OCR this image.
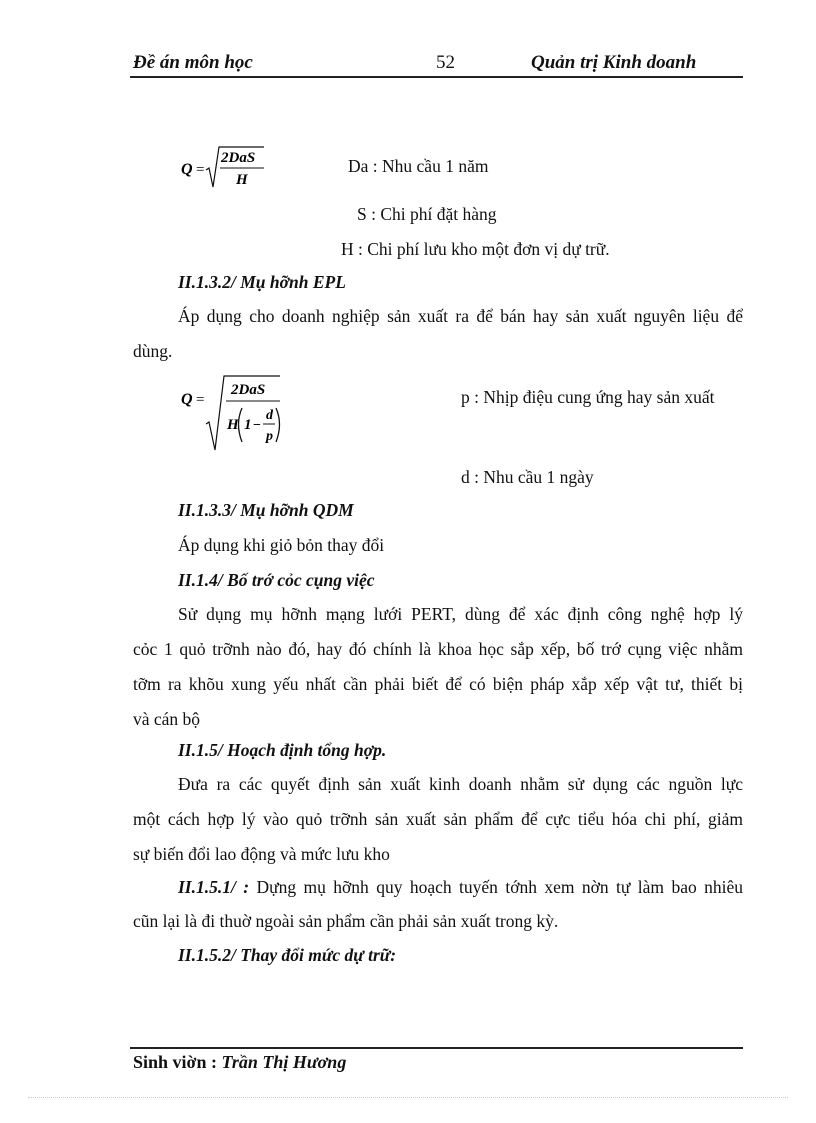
Đề án môn học	52	Quản trị Kinh doanh
Q =
2DaS
H
Da : Nhu cầu 1 năm
S : Chi phí đặt hàng
H : Chi phí lưu kho một đơn vị dự trữ.
II.1.3.2/ Mụ hỡnh EPL
Áp dụng cho doanh nghiệp sản xuất ra để bán hay sản xuất nguyên liệu để
dùng.
Q =
2DaS
H 1 −
d
p
p : Nhịp điệu cung ứng hay sản xuất
d : Nhu cầu 1 ngày
II.1.3.3/ Mụ hỡnh QDM
Áp dụng khi giỏ bỏn thay đổi
II.1.4/ Bố trớ cỏc cụng việc
Sử dụng mụ hỡnh mạng lưới PERT, dùng để xác định công nghệ hợp lý
cỏc 1 quỏ trỡnh nào đó, hay đó chính là khoa học sắp xếp, bố trớ cụng việc nhằm
tỡm ra khõu xung yếu nhất cần phải biết để có biện pháp xắp xếp vật tư, thiết bị
và cán bộ
II.1.5/ Hoạch định tổng hợp.
Đưa ra các quyết định sản xuất kinh doanh nhằm sử dụng các nguồn lực
một cách hợp lý vào quỏ trỡnh sản xuất sản phẩm để cực tiểu hóa chi phí, giảm
sự biến đổi lao động và mức lưu kho
II.1.5.1/ : Dựng mụ hỡnh quy hoạch tuyến tớnh xem nờn tự làm bao nhiêu
cũn lại là đi thuờ ngoài sản phẩm cần phải sản xuất trong kỳ.
II.1.5.2/ Thay đổi mức dự trữ:
Sinh viờn : Trần Thị Hương
